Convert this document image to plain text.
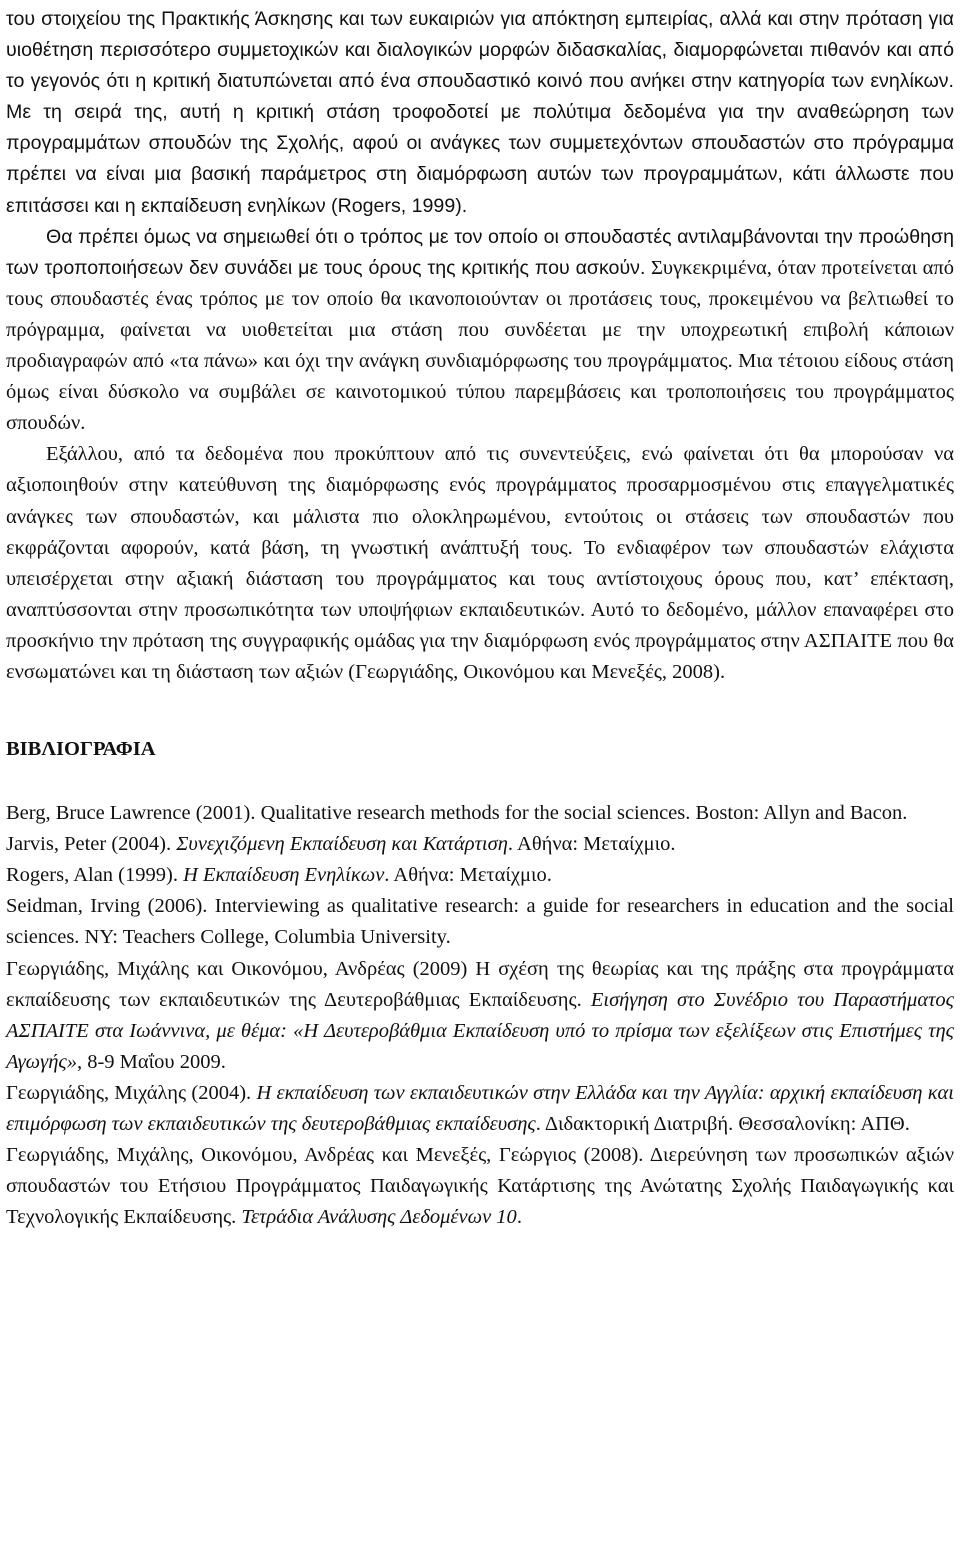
του στοιχείου της Πρακτικής Άσκησης και των ευκαιριών για απόκτηση εμπειρίας, αλλά και στην πρόταση για υιοθέτηση περισσότερο συμμετοχικών και διαλογικών μορφών διδασκαλίας, διαμορφώνεται πιθανόν και από το γεγονός ότι η κριτική διατυπώνεται από ένα σπουδαστικό κοινό που ανήκει στην κατηγορία των ενηλίκων. Με τη σειρά της, αυτή η κριτική στάση τροφοδοτεί με πολύτιμα δεδομένα για την αναθεώρηση των προγραμμάτων σπουδών της Σχολής, αφού οι ανάγκες των συμμετεχόντων σπουδαστών στο πρόγραμμα πρέπει να είναι μια βασική παράμετρος στη διαμόρφωση αυτών των προγραμμάτων, κάτι άλλωστε που επιτάσσει και η εκπαίδευση ενηλίκων (Rogers, 1999).

Θα πρέπει όμως να σημειωθεί ότι ο τρόπος με τον οποίο οι σπουδαστές αντιλαμβάνονται την προώθηση των τροποποιήσεων δεν συνάδει με τους όρους της κριτικής που ασκούν. Συγκεκριμένα, όταν προτείνεται από τους σπουδαστές ένας τρόπος με τον οποίο θα ικανοποιούνταν οι προτάσεις τους, προκειμένου να βελτιωθεί το πρόγραμμα, φαίνεται να υιοθετείται μια στάση που συνδέεται με την υποχρεωτική επιβολή κάποιων προδιαγραφών από «τα πάνω» και όχι την ανάγκη συνδιαμόρφωσης του προγράμματος. Μια τέτοιου είδους στάση όμως είναι δύσκολο να συμβάλει σε καινοτομικού τύπου παρεμβάσεις και τροποποιήσεις του προγράμματος σπουδών.

Εξάλλου, από τα δεδομένα που προκύπτουν από τις συνεντεύξεις, ενώ φαίνεται ότι θα μπορούσαν να αξιοποιηθούν στην κατεύθυνση της διαμόρφωσης ενός προγράμματος προσαρμοσμένου στις επαγγελματικές ανάγκες των σπουδαστών, και μάλιστα πιο ολοκληρωμένου, εντούτοις οι στάσεις των σπουδαστών που εκφράζονται αφορούν, κατά βάση, τη γνωστική ανάπτυξή τους. Το ενδιαφέρον των σπουδαστών ελάχιστα υπεισέρχεται στην αξιακή διάσταση του προγράμματος και τους αντίστοιχους όρους που, κατ’ επέκταση, αναπτύσσονται στην προσωπικότητα των υποψήφιων εκπαιδευτικών. Αυτό το δεδομένο, μάλλον επαναφέρει στο προσκήνιο την πρόταση της συγγραφικής ομάδας για την διαμόρφωση ενός προγράμματος στην ΑΣΠΑΙΤΕ που θα ενσωματώνει και τη διάσταση των αξιών (Γεωργιάδης, Οικονόμου και Μενεξές, 2008).

ΒΙΒΛΙΟΓΡΑΦΙΑ

Berg, Bruce Lawrence (2001). Qualitative research methods for the social sciences. Boston: Allyn and Bacon.

Jarvis, Peter (2004). Συνεχιζόμενη Εκπαίδευση και Κατάρτιση. Αθήνα: Μεταίχμιο.

Rogers, Alan (1999). Η Εκπαίδευση Ενηλίκων. Αθήνα: Μεταίχμιο.

Seidman, Irving (2006). Interviewing as qualitative research: a guide for researchers in education and the social sciences. NY: Teachers College, Columbia University.

Γεωργιάδης, Μιχάλης και Οικονόμου, Ανδρέας (2009) Η σχέση της θεωρίας και της πράξης στα προγράμματα εκπαίδευσης των εκπαιδευτικών της Δευτεροβάθμιας Εκπαίδευσης. Εισήγηση στο Συνέδριο του Παραστήματος ΑΣΠΑΙΤΕ στα Ιωάννινα, με θέμα: «Η Δευτεροβάθμια Εκπαίδευση υπό το πρίσμα των εξελίξεων στις Επιστήμες της Αγωγής», 8-9 Μαΐου 2009.

Γεωργιάδης, Μιχάλης (2004). Η εκπαίδευση των εκπαιδευτικών στην Ελλάδα και την Αγγλία: αρχική εκπαίδευση και επιμόρφωση των εκπαιδευτικών της δευτεροβάθμιας εκπαίδευσης. Διδακτορική Διατριβή. Θεσσαλονίκη: ΑΠΘ.

Γεωργιάδης, Μιχάλης, Οικονόμου, Ανδρέας και Μενεξές, Γεώργιος (2008). Διερεύνηση των προσωπικών αξιών σπουδαστών του Ετήσιου Προγράμματος Παιδαγωγικής Κατάρτισης της Ανώτατης Σχολής Παιδαγωγικής και Τεχνολογικής Εκπαίδευσης. Τετράδια Ανάλυσης Δεδομένων 10.
